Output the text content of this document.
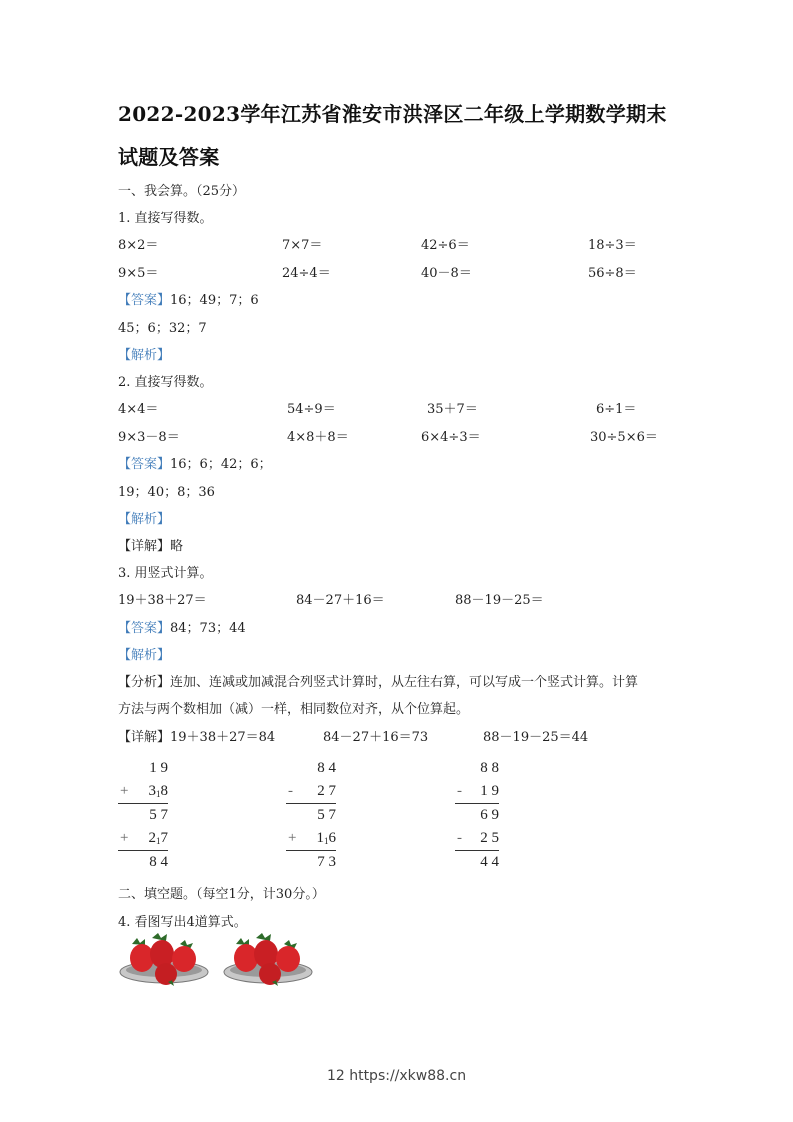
2022-2023学年江苏省淮安市洪泽区二年级上学期数学期末
试题及答案
一、我会算。（25分）
1. 直接写得数。
8×2＝	7×7＝	42÷6＝	18÷3＝
9×5＝	24÷4＝	40－8＝	56÷8＝
【答案】16；49；7；6
45；6；32；7
【解析】
2. 直接写得数。
4×4＝	54÷9＝	35＋7＝	6÷1＝
9×3－8＝	4×8＋8＝	6×4÷3＝	30÷5×6＝
【答案】16；6；42；6；
19；40；8；36
【解析】
【详解】略
3. 用竖式计算。
19＋38＋27＝	84－27＋16＝	88－19－25＝
【答案】84；73；44
【解析】
【分析】连加、连减或加减混合列竖式计算时，从左往右算，可以写成一个竖式计算。计算
方法与两个数相加（减）一样，相同数位对齐，从个位算起。
【详解】19＋38＋27＝84	84－27＋16＝73	88－19－25＝44
1 9
+ 318
5 7
+ 217
8 4
8 4
- 2 7
5 7
+ 116
7 3
8 8
- 1 9
6 9
- 2 5
4 4
二、填空题。（每空1分，计30分。）
4. 看图写出4道算式。
12 https://xkw88.cn
